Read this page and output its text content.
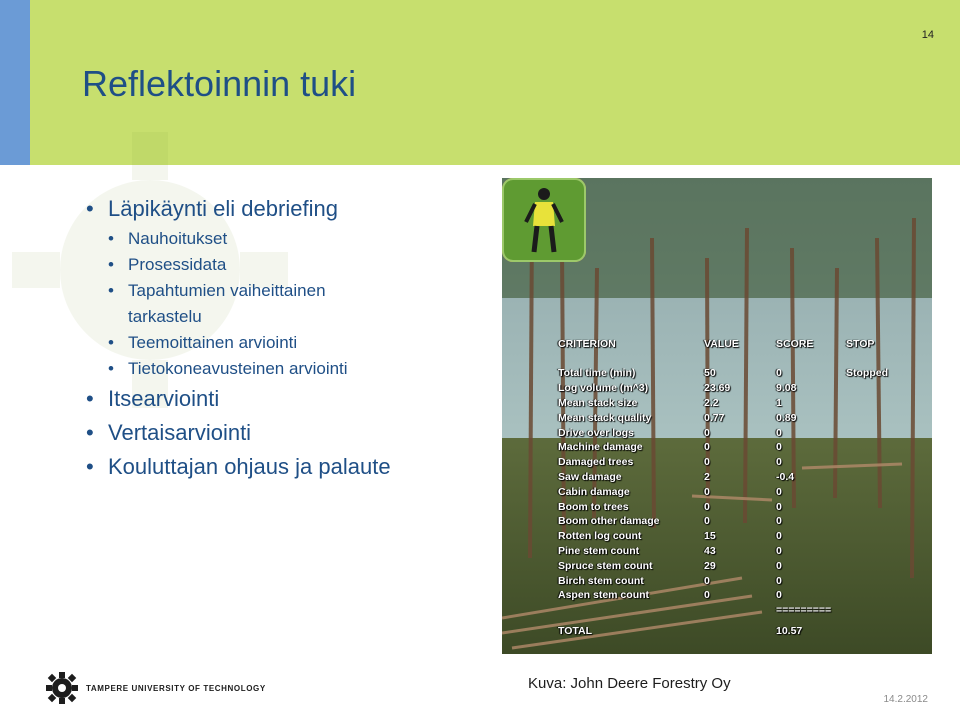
14
Reflektoinnin tuki
• Läpikäynti eli debriefing
• Nauhoitukset
• Prosessidata
• Tapahtumien vaiheittainen
tarkastelu
• Teemoittainen arviointi
• Tietokoneavusteinen arviointi
• Itsearviointi
• Vertaisarviointi
• Kouluttajan ohjaus ja palaute
CRITERION	VALUE	SCORE	STOP
Total time (min)	50	0	Stopped
Log volume (m^3)	23.69	9.08	
Mean stack size	2.2	1	
Mean stack quality	0.77	0.89	
Drive over logs	0	0	
Machine damage	0	0	
Damaged trees	0	0	
Saw damage	2	-0.4	
Cabin damage	0	0	
Boom to trees	0	0	
Boom other damage	0	0	
Rotten log count	15	0	
Pine stem count	43	0	
Spruce stem count	29	0	
Birch stem count	0	0	
Aspen stem count	0	0	
		=========	
TOTAL		10.57	
TAMPERE UNIVERSITY OF TECHNOLOGY	Kuva: John Deere Forestry Oy
14.2.2012
